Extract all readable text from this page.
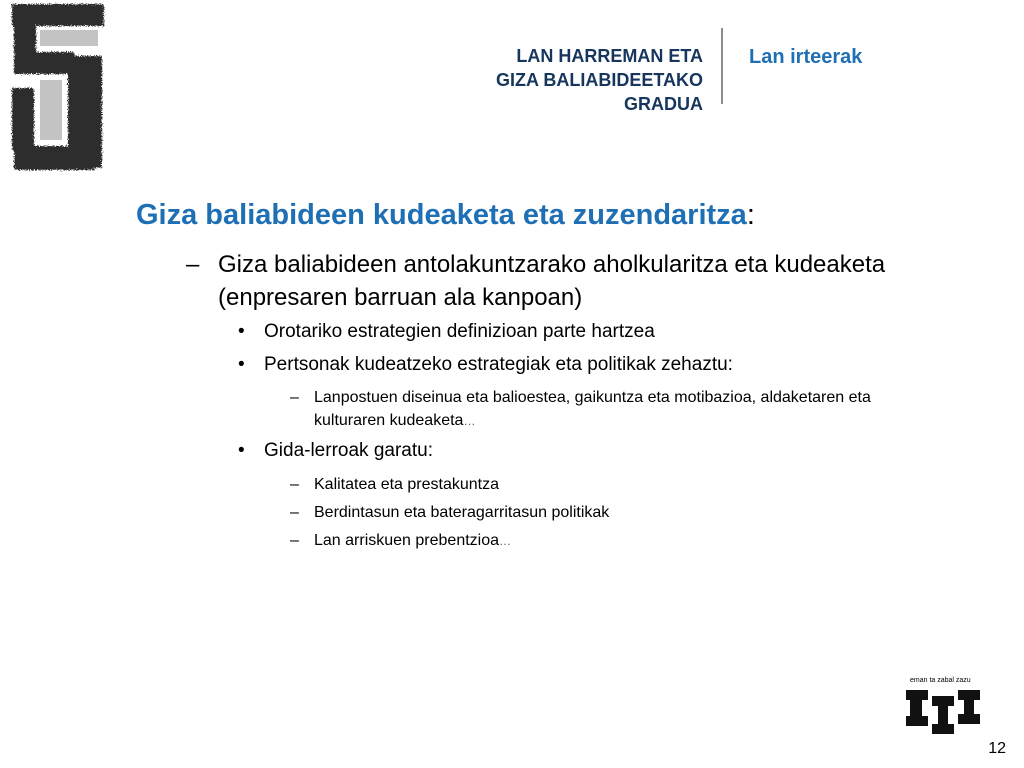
LAN HARREMAN ETA
GIZA BALIABIDEETAKO
GRADUA
Lan irteerak
Giza baliabideen kudeaketa eta zuzendaritza:
– Giza baliabideen antolakuntzarako aholkularitza eta kudeaketa (enpresaren barruan ala kanpoan)
• Orotariko estrategien definizioan parte hartzea
• Pertsonak kudeatzeko estrategiak eta politikak zehaztu:
– Lanpostuen diseinua eta balioestea, gaikuntza eta motibazioa, aldaketaren eta kulturaren kudeaketa…
• Gida-lerroak garatu:
– Kalitatea eta prestakuntza
– Berdintasun eta bateragarritasun politikak
– Lan arriskuen prebentzioa…
eman ta zabal zazu
12
